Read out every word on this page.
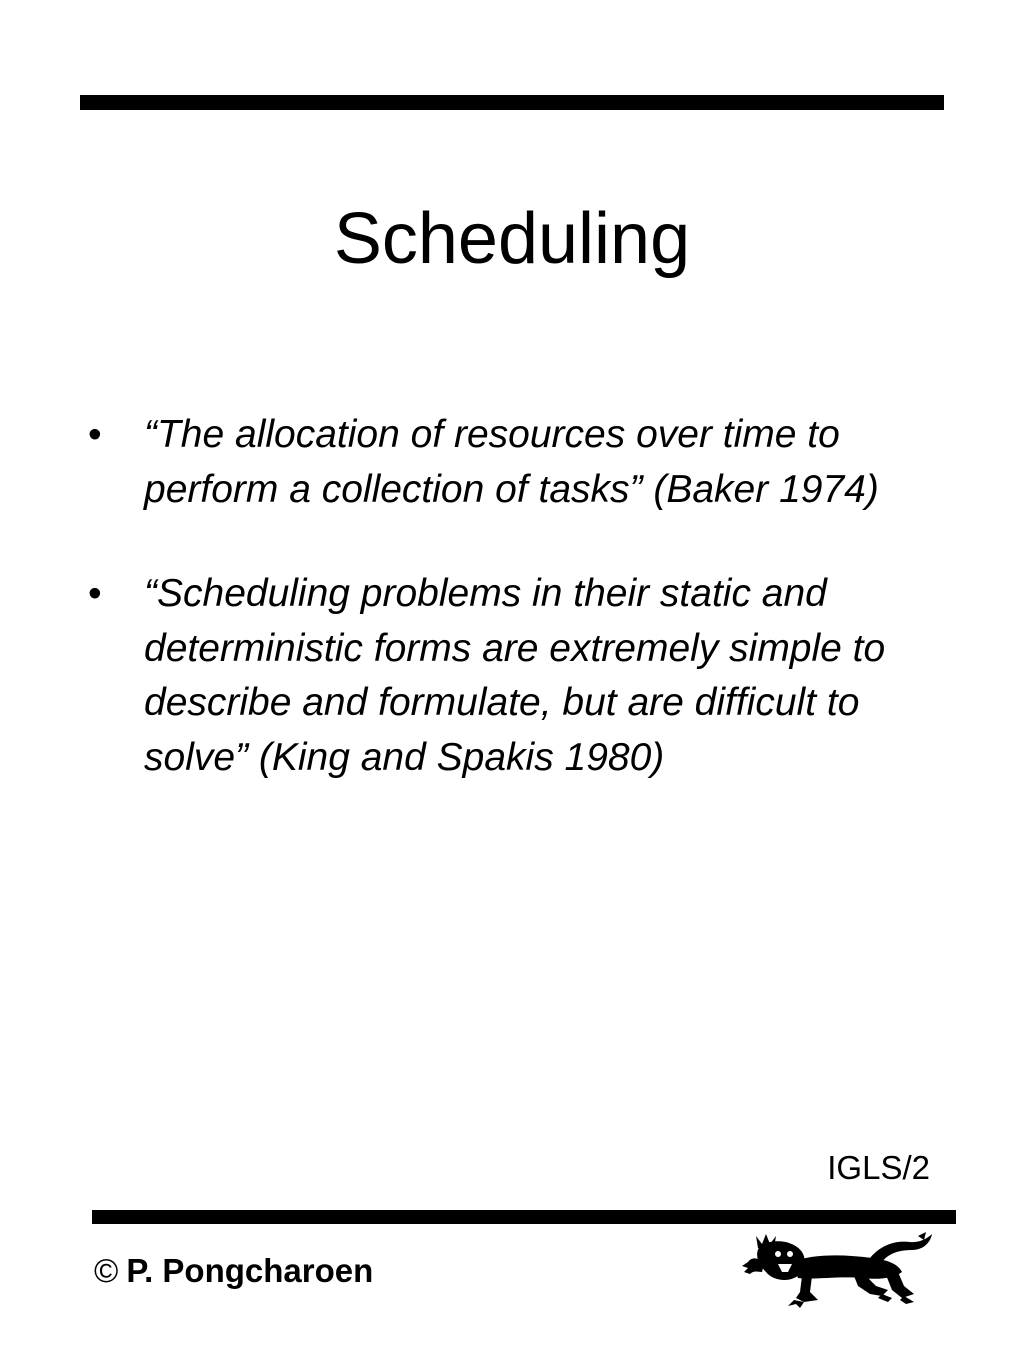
Scheduling
• “The allocation of resources over time to perform a collection of tasks” (Baker 1974)
• “Scheduling problems in their static and deterministic forms are extremely simple to describe and formulate, but are difficult to solve” (King and Spakis 1980)
IGLS/2
© P. Pongcharoen
